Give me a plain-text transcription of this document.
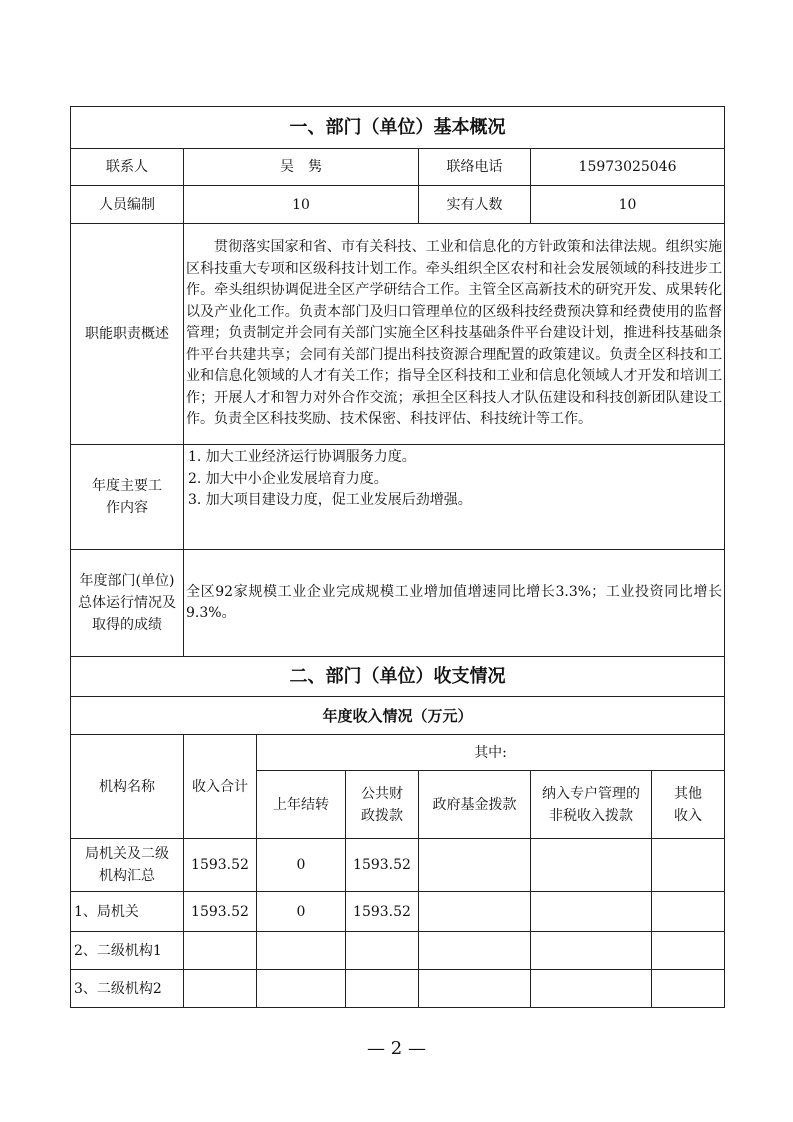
一、部门（单位）基本概况						
联系人	吴　隽			联络电话	15973025046	
人员编制	10			实有人数	10	
职能职责概述	贯彻落实国家和省、市有关科技、工业和信息化的方针政策和法律法规。组织实施区科技重大专项和区级科技计划工作。牵头组织全区农村和社会发展领域的科技进步工作。牵头组织协调促进全区产学研结合工作。主管全区高新技术的研究开发、成果转化以及产业化工作。负责本部门及归口管理单位的区级科技经费预决算和经费使用的监督管理；负责制定并会同有关部门实施全区科技基础条件平台建设计划，推进科技基础条件平台共建共享；会同有关部门提出科技资源合理配置的政策建议。负责全区科技和工业和信息化领域的人才有关工作；指导全区科技和工业和信息化领域人才开发和培训工作；开展人才和智力对外合作交流；承担全区科技人才队伍建设和科技创新团队建设工作。负责全区科技奖励、技术保密、科技评估、科技统计等工作。					
年度主要工作内容	1. 加大工业经济运行协调服务力度。
2. 加大中小企业发展培育力度。
3. 加大项目建设力度，促工业发展后劲增强。					

年度部门(单位)总体运行情况及取得的成绩	全区92家规模工业企业完成规模工业增加值增速同比增长3.3%；工业投资同比增长9.3%。					
二、部门（单位）收支情况						
年度收入情况（万元）						
机构名称	收入合计	其中:				
		上年结转	公共财政拨款	政府基金拨款	纳入专户管理的非税收入拨款	其他收入
局机关及二级机构汇总	1593.52	0	1593.52			
1、局机关	1593.52	0	1593.52			
2、二级机构1						
3、二级机构2						
— 2 —
